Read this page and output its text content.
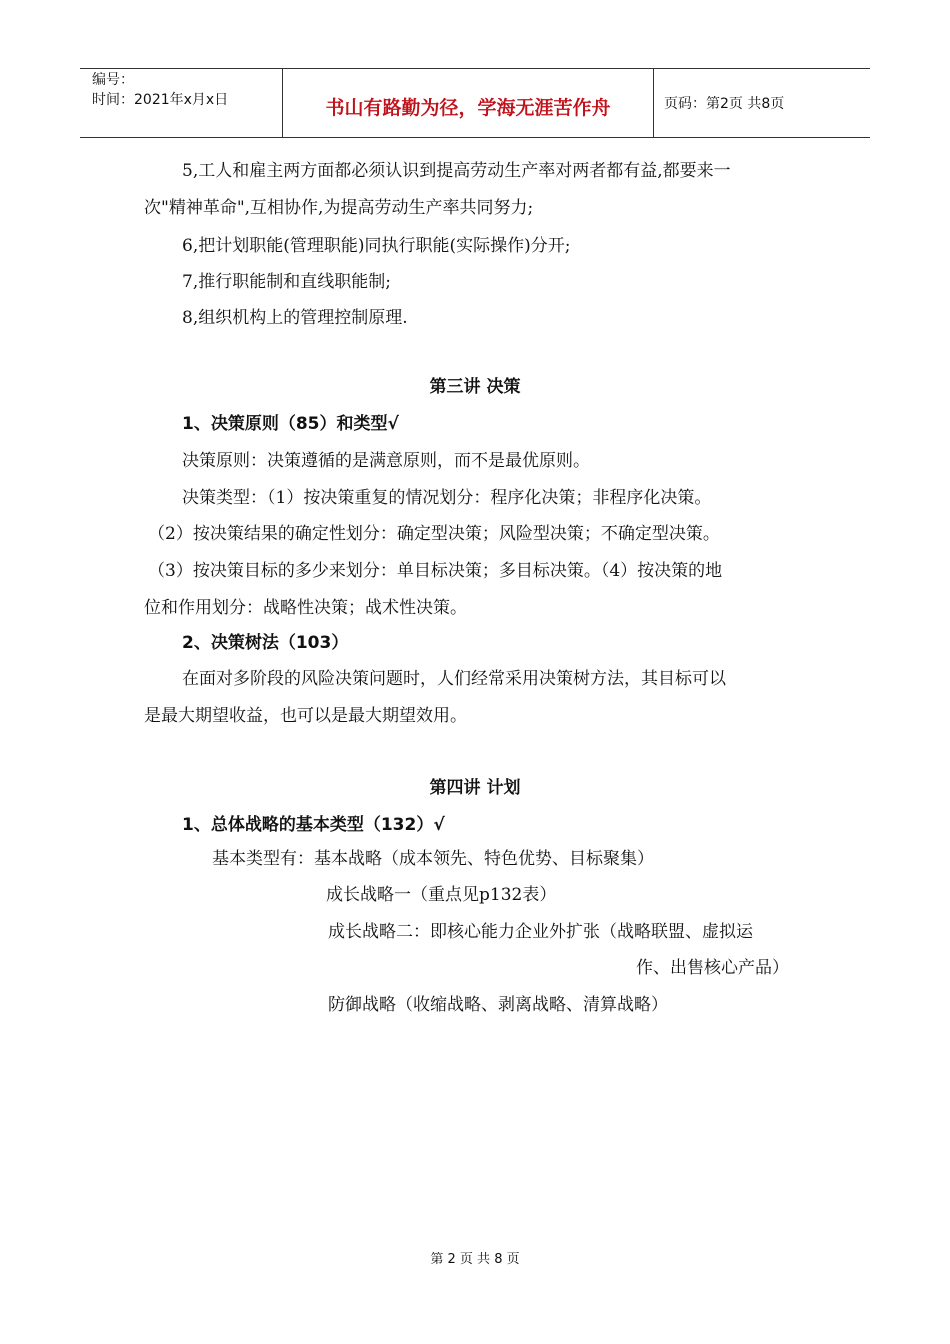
编号：
时间：2021年x月x日	书山有路勤为径，学海无涯苦作舟	页码：第2页 共8页
5,工人和雇主两方面都必须认识到提高劳动生产率对两者都有益,都要来一
次"精神革命",互相协作,为提高劳动生产率共同努力;
6,把计划职能(管理职能)同执行职能(实际操作)分开;
7,推行职能制和直线职能制;
8,组织机构上的管理控制原理.
第三讲 决策
1、决策原则（85）和类型√
决策原则：决策遵循的是满意原则，而不是最优原则。
决策类型：（1）按决策重复的情况划分：程序化决策；非程序化决策。
（2）按决策结果的确定性划分：确定型决策；风险型决策；不确定型决策。
（3）按决策目标的多少来划分：单目标决策；多目标决策。（4）按决策的地
位和作用划分：战略性决策；战术性决策。
2、决策树法（103）
在面对多阶段的风险决策问题时，人们经常采用决策树方法，其目标可以
是最大期望收益，也可以是最大期望效用。
第四讲 计划
1、总体战略的基本类型（132）√
基本类型有：基本战略（成本领先、特色优势、目标聚集）
成长战略一（重点见p132表）
成长战略二：即核心能力企业外扩张（战略联盟、虚拟运
作、出售核心产品）
防御战略（收缩战略、剥离战略、清算战略）
第 2 页 共 8 页
